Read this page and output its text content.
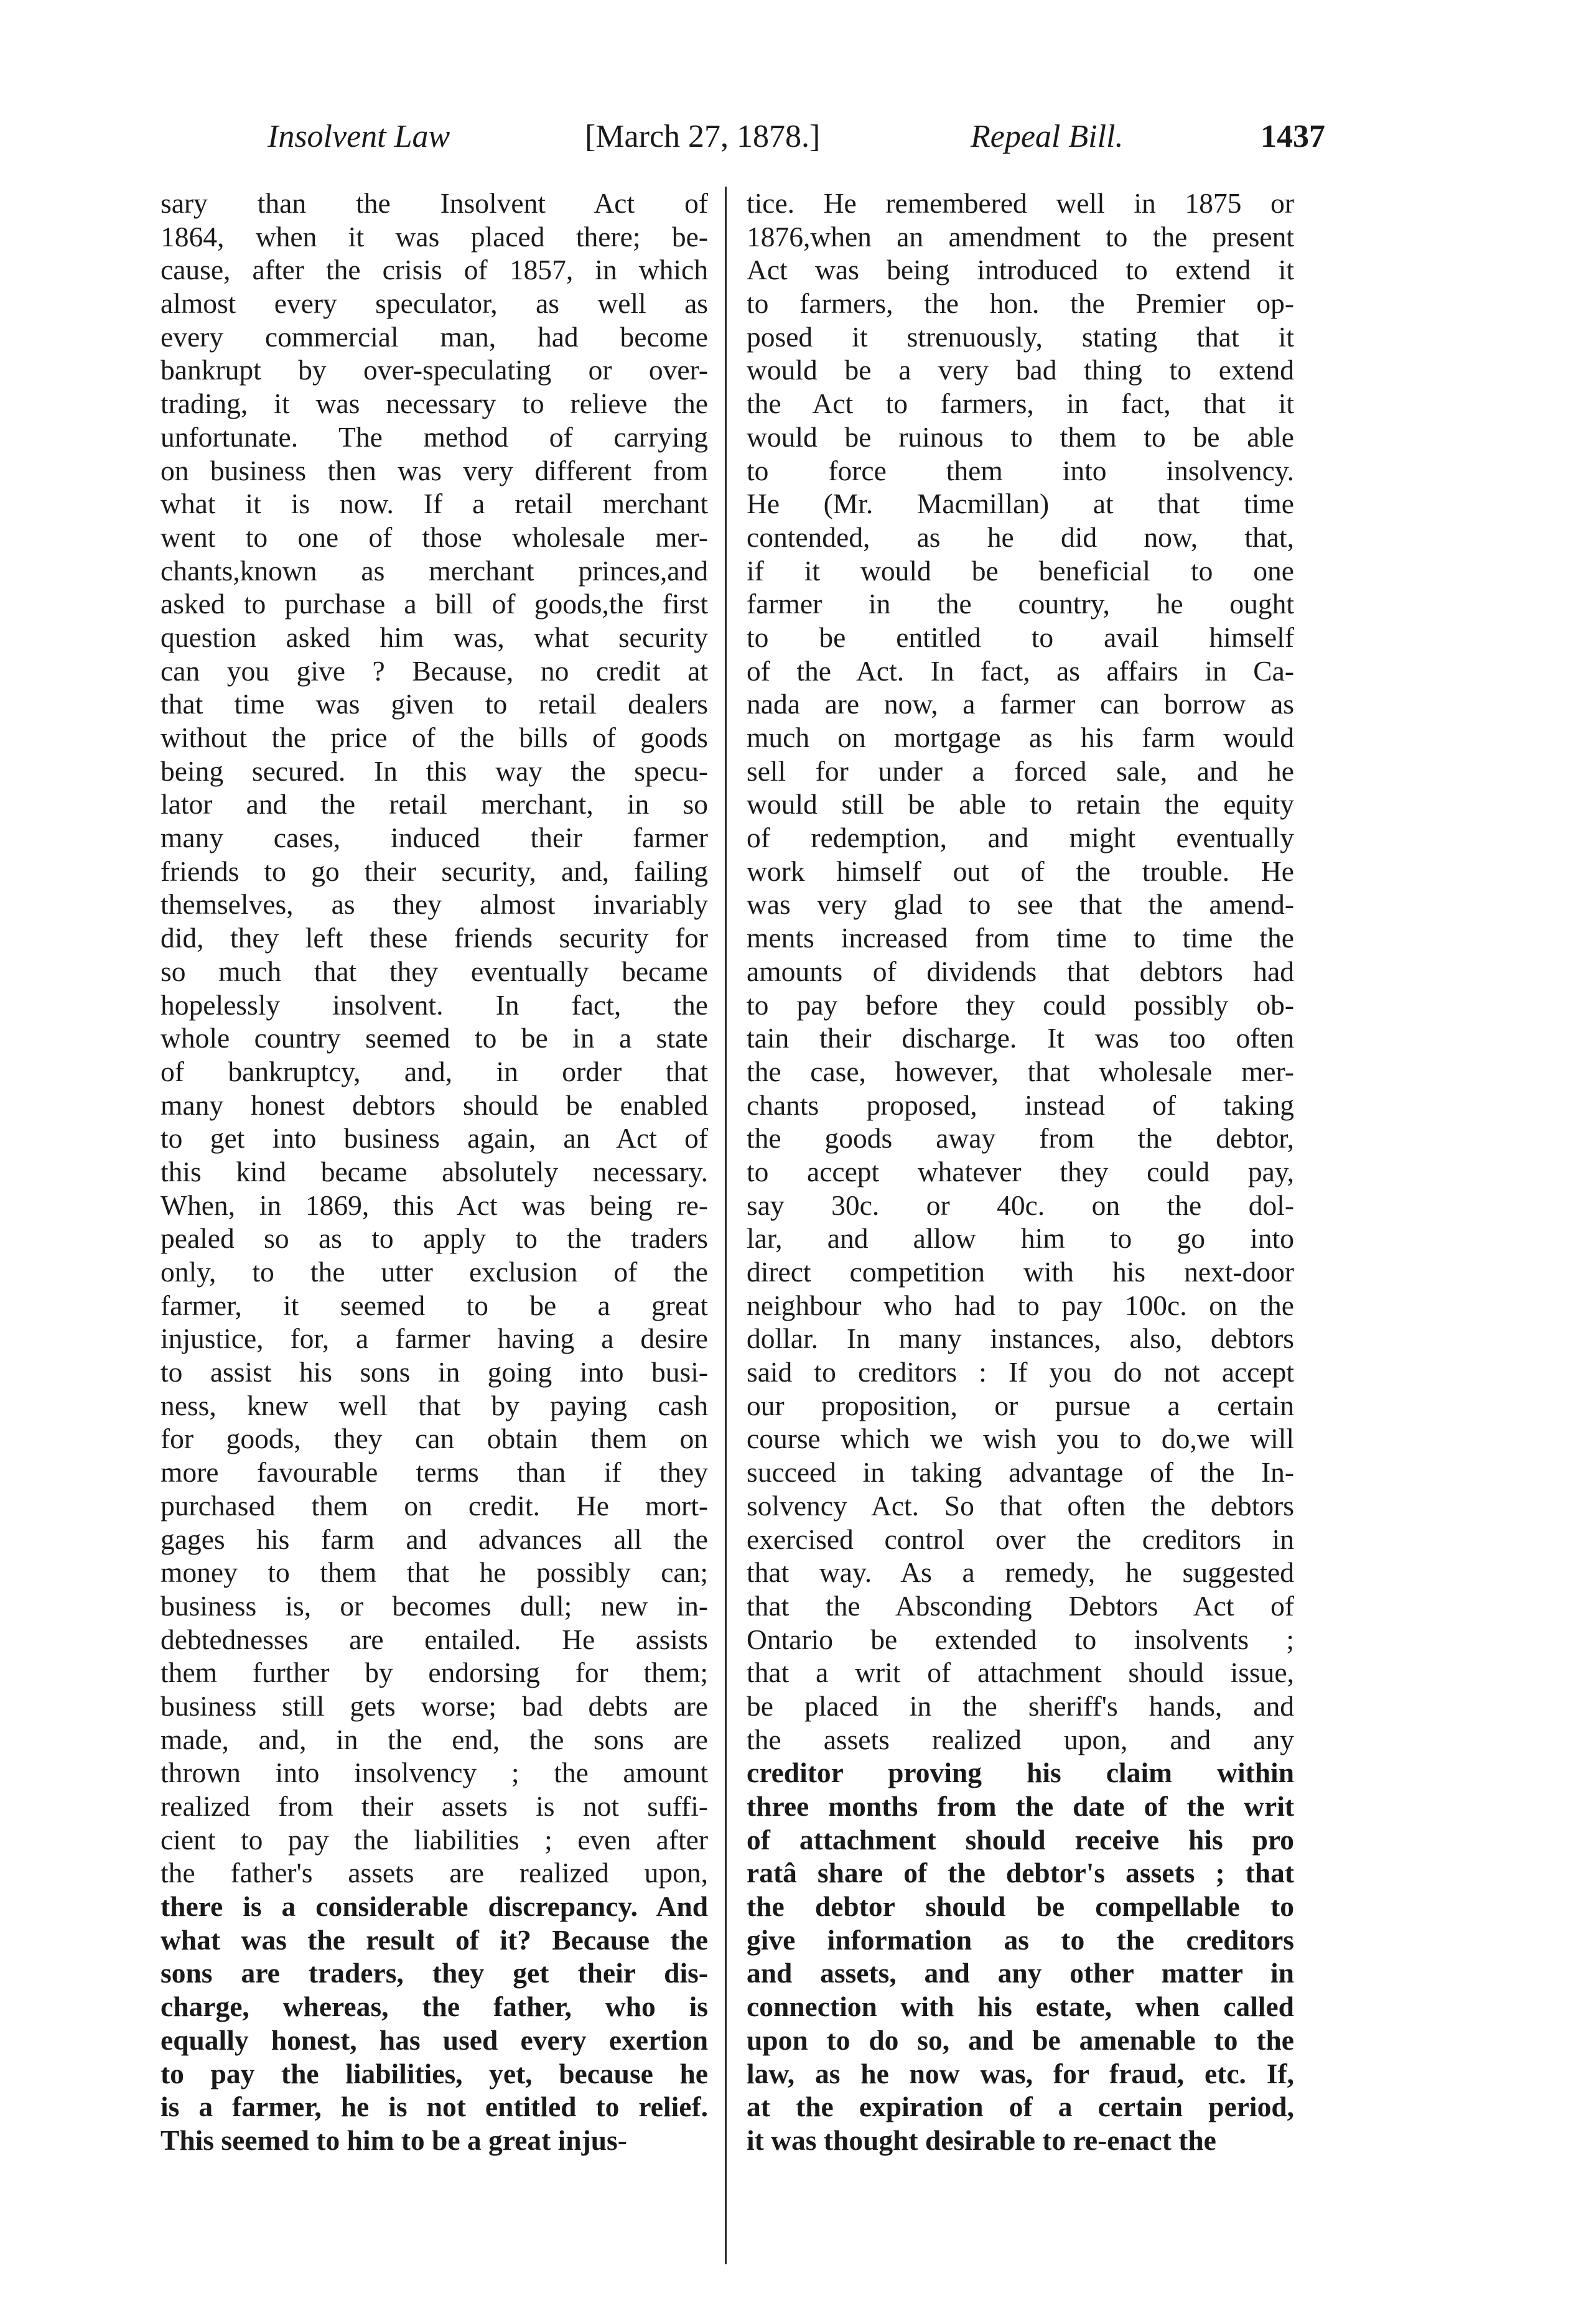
Insolvent Law	[March 27, 1878.]	Repeal Bill.	1437
sary than the Insolvent Act of
1864, when it was placed there; be-
cause, after the crisis of 1857, in which
almost every speculator, as well as
every commercial man, had become
bankrupt by over-speculating or over-
trading, it was necessary to relieve the
unfortunate. The method of carrying
on business then was very different from
what it is now. If a retail merchant
went to one of those wholesale mer-
chants,known as merchant princes,and
asked to purchase a bill of goods,the first
question asked him was, what security
can you give ? Because, no credit at
that time was given to retail dealers
without the price of the bills of goods
being secured. In this way the specu-
lator and the retail merchant, in so
many cases, induced their farmer
friends to go their security, and, failing
themselves, as they almost invariably
did, they left these friends security for
so much that they eventually became
hopelessly insolvent. In fact, the
whole country seemed to be in a state
of bankruptcy, and, in order that
many honest debtors should be enabled
to get into business again, an Act of
this kind became absolutely necessary.
When, in 1869, this Act was being re-
pealed so as to apply to the traders
only, to the utter exclusion of the
farmer, it seemed to be a great
injustice, for, a farmer having a desire
to assist his sons in going into busi-
ness, knew well that by paying cash
for goods, they can obtain them on
more favourable terms than if they
purchased them on credit. He mort-
gages his farm and advances all the
money to them that he possibly can;
business is, or becomes dull; new in-
debtednesses are entailed. He assists
them further by endorsing for them;
business still gets worse; bad debts are
made, and, in the end, the sons are
thrown into insolvency ; the amount
realized from their assets is not suffi-
cient to pay the liabilities ; even after
the father's assets are realized upon,
there is a considerable discrepancy. And
what was the result of it? Because the
sons are traders, they get their dis-
charge, whereas, the father, who is
equally honest, has used every exertion
to pay the liabilities, yet, because he
is a farmer, he is not entitled to relief.
This seemed to him to be a great injus-
tice. He remembered well in 1875 or
1876,when an amendment to the present
Act was being introduced to extend it
to farmers, the hon. the Premier op-
posed it strenuously, stating that it
would be a very bad thing to extend
the Act to farmers, in fact, that it
would be ruinous to them to be able
to force them into insolvency.
He (Mr. Macmillan) at that time
contended, as he did now, that,
if it would be beneficial to one
farmer in the country, he ought
to be entitled to avail himself
of the Act. In fact, as affairs in Ca-
nada are now, a farmer can borrow as
much on mortgage as his farm would
sell for under a forced sale, and he
would still be able to retain the equity
of redemption, and might eventually
work himself out of the trouble. He
was very glad to see that the amend-
ments increased from time to time the
amounts of dividends that debtors had
to pay before they could possibly ob-
tain their discharge. It was too often
the case, however, that wholesale mer-
chants proposed, instead of taking
the goods away from the debtor,
to accept whatever they could pay,
say 30c. or 40c. on the dol-
lar, and allow him to go into
direct competition with his next-door
neighbour who had to pay 100c. on the
dollar. In many instances, also, debtors
said to creditors : If you do not accept
our proposition, or pursue a certain
course which we wish you to do,we will
succeed in taking advantage of the In-
solvency Act. So that often the debtors
exercised control over the creditors in
that way. As a remedy, he suggested
that the Absconding Debtors Act of
Ontario be extended to insolvents ;
that a writ of attachment should issue,
be placed in the sheriff's hands, and
the assets realized upon, and any
creditor proving his claim within
three months from the date of the writ
of attachment should receive his pro
ratâ share of the debtor's assets ; that
the debtor should be compellable to
give information as to the creditors
and assets, and any other matter in
connection with his estate, when called
upon to do so, and be amenable to the
law, as he now was, for fraud, etc. If,
at the expiration of a certain period,
it was thought desirable to re-enact the
